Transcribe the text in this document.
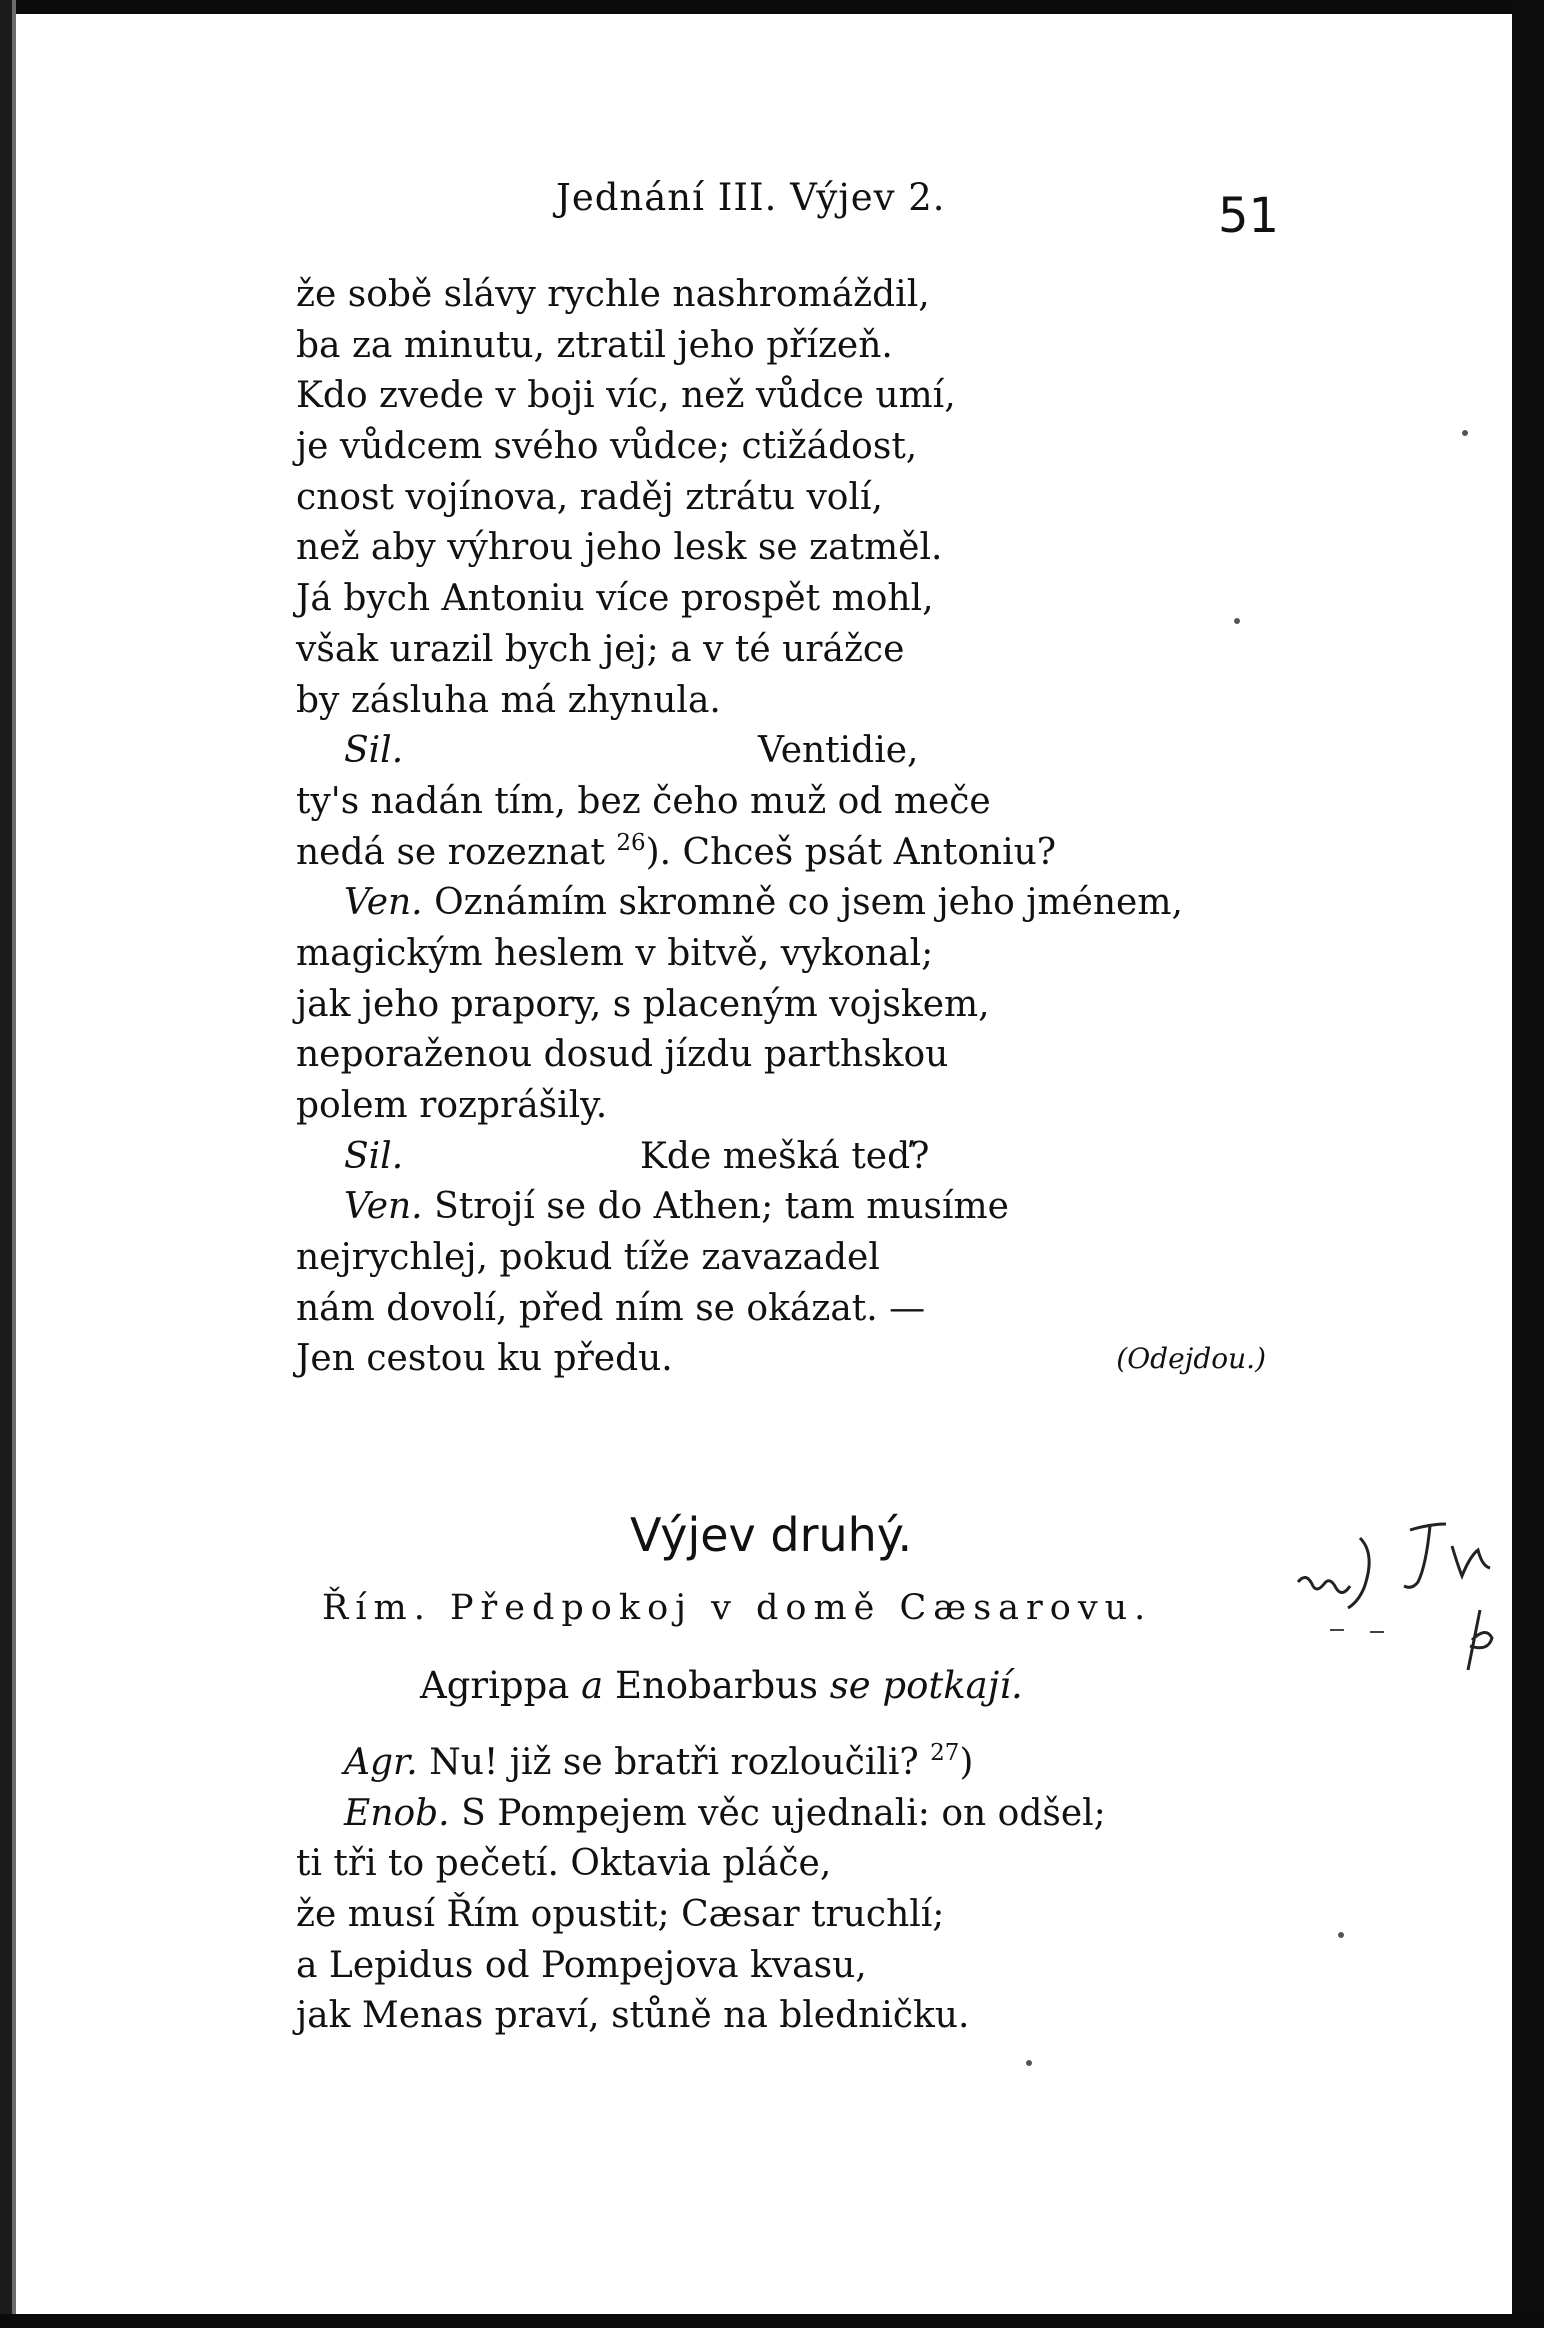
Jednání III. Výjev 2.	51
že sobě slávy rychle nashromáždil,
ba za minutu, ztratil jeho přízeň.
Kdo zvede v boji víc, než vůdce umí,
je vůdcem svého vůdce; ctižádost,
cnost vojínova, raděj ztrátu volí,
než aby výhrou jeho lesk se zatměl.
Já bych Antoniu více prospět mohl,
však urazil bych jej; a v té urážce
by zásluha má zhynula.
Sil.	Ventidie,
ty's nadán tím, bez čeho muž od meče
nedá se rozeznat $^{26}$). Chceš psát Antoniu?
Ven. Oznámím skromně co jsem jeho jménem,
magickým heslem v bitvě, vykonal;
jak jeho prapory, s placeným vojskem,
neporaženou dosud jízdu parthskou
polem rozprášily.
Sil.	Kde mešká teď?
Ven. Strojí se do Athen; tam musíme
nejrychlej, pokud tíže zavazadel
nám dovolí, před ním se okázat. —
Jen cestou ku předu.	(Odejdou.)
Výjev druhý.
Řím. Předpokoj v domě Cæsarovu.
Agrippa a Enobarbus se potkají.
Agr. Nu! již se bratři rozloučili? $^{27}$)
Enob. S Pompejem věc ujednali: on odšel;
ti tři to pečetí. Oktavia pláče,
že musí Řím opustit; Cæsar truchlí;
a Lepidus od Pompejova kvasu,
jak Menas praví, stůně na bledničku.
